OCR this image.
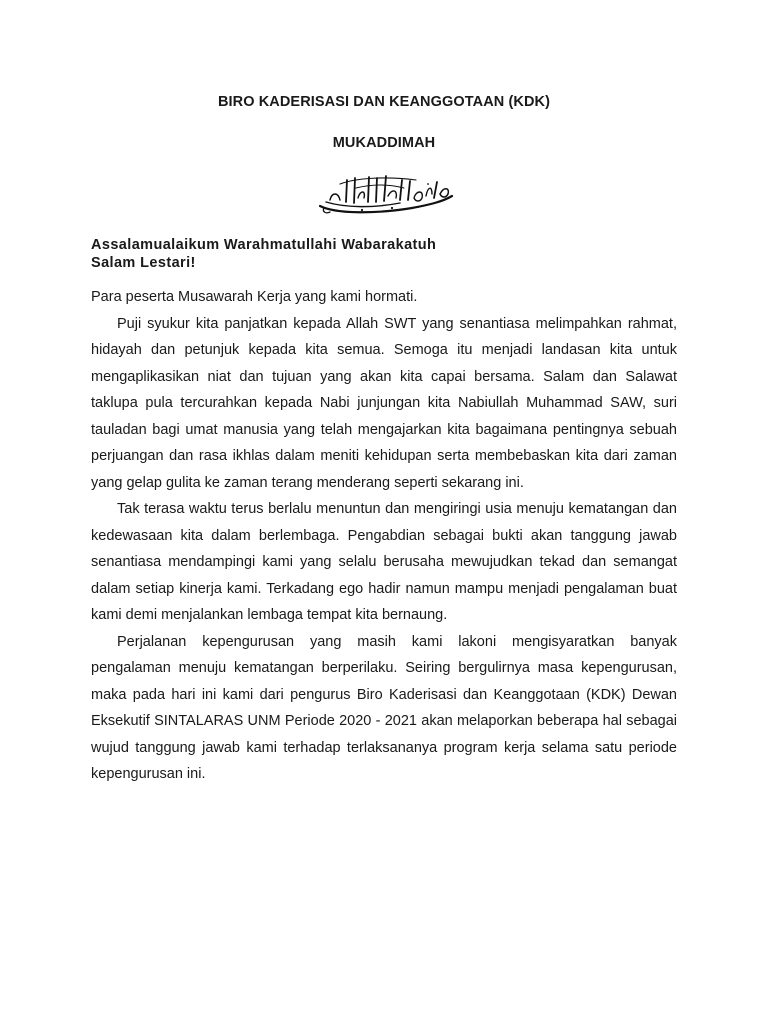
BIRO KADERISASI DAN KEANGGOTAAN (KDK)
MUKADDIMAH
Assalamualaikum Warahmatullahi Wabarakatuh
Salam Lestari!

Para peserta Musawarah Kerja yang kami hormati.

Puji syukur kita panjatkan kepada Allah SWT yang senantiasa melimpahkan rahmat, hidayah dan petunjuk kepada kita semua. Semoga itu menjadi landasan kita untuk mengaplikasikan niat dan tujuan yang akan kita capai bersama. Salam dan Salawat taklupa pula tercurahkan kepada Nabi junjungan kita Nabiullah Muhammad SAW, suri tauladan bagi umat manusia yang telah mengajarkan kita bagaimana pentingnya sebuah perjuangan dan rasa ikhlas dalam meniti kehidupan serta membebaskan kita dari zaman yang gelap gulita ke zaman terang menderang seperti sekarang ini.

Tak terasa waktu terus berlalu menuntun dan mengiringi usia menuju kematangan dan kedewasaan kita dalam berlembaga. Pengabdian sebagai bukti akan tanggung jawab senantiasa mendampingi kami yang selalu berusaha mewujudkan tekad dan semangat dalam setiap kinerja kami. Terkadang ego hadir namun mampu menjadi pengalaman buat kami demi menjalankan lembaga tempat kita bernaung.

Perjalanan kepengurusan yang masih kami lakoni mengisyaratkan banyak pengalaman menuju kematangan berperilaku. Seiring bergulirnya masa kepengurusan, maka pada hari ini kami dari pengurus Biro Kaderisasi dan Keanggotaan (KDK) Dewan Eksekutif SINTALARAS UNM Periode 2020 - 2021 akan melaporkan beberapa hal sebagai wujud tanggung jawab kami terhadap terlaksananya program kerja selama satu periode kepengurusan ini.
